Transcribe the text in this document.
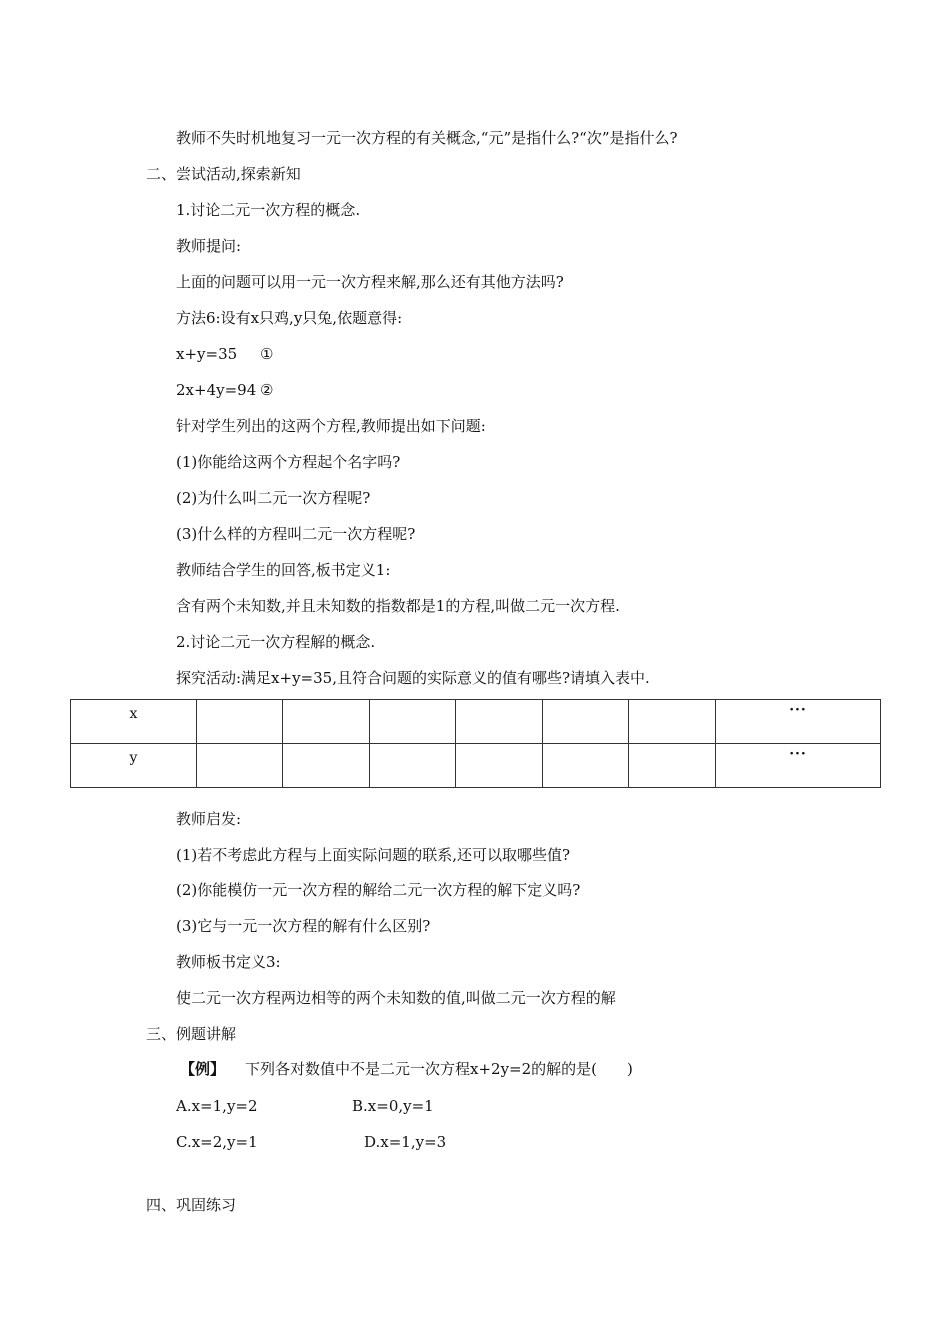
教师不失时机地复习一元一次方程的有关概念,“元”是指什么?“次”是指什么?
二、尝试活动,探索新知
1.讨论二元一次方程的概念.
教师提问:
上面的问题可以用一元一次方程来解,那么还有其他方法吗?
方法6:设有x只鸡,y只兔,依题意得:
x+y=35 ①
2x+4y=94 ②
针对学生列出的这两个方程,教师提出如下问题:
(1)你能给这两个方程起个名字吗?
(2)为什么叫二元一次方程呢?
(3)什么样的方程叫二元一次方程呢?
教师结合学生的回答,板书定义1:
含有两个未知数,并且未知数的指数都是1的方程,叫做二元一次方程.
2.讨论二元一次方程解的概念.
探究活动:满足x+y=35,且符合问题的实际意义的值有哪些?请填入表中.
x							···
y							···
教师启发:
(1)若不考虑此方程与上面实际问题的联系,还可以取哪些值?
(2)你能模仿一元一次方程的解给二元一次方程的解下定义吗?
(3)它与一元一次方程的解有什么区别?
教师板书定义3:
使二元一次方程两边相等的两个未知数的值,叫做二元一次方程的解
三、例题讲解
【例】 下列各对数值中不是二元一次方程x+2y=2的解的是(　　)
A.x=1,y=2	B.x=0,y=1
C.x=2,y=1	D.x=1,y=3
四、巩固练习
